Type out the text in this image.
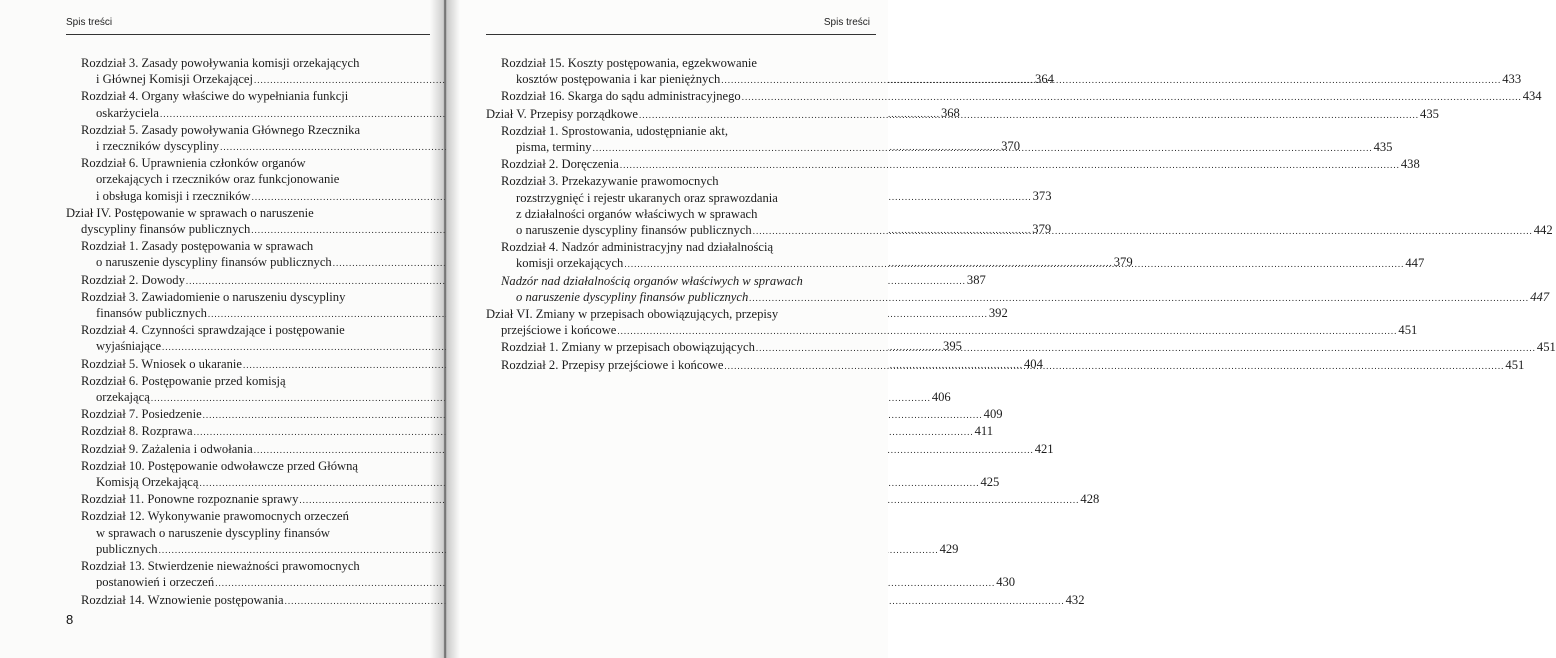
Spis treści
Rozdział 3. Zasady powoływania komisji orzekających
i Głównej Komisji Orzekającej .....	364
Rozdział 4. Organy właściwe do wypełniania funkcji
oskarżyciela .....	368
Rozdział 5. Zasady powoływania Głównego Rzecznika
i rzeczników dyscypliny .....	370
Rozdział 6. Uprawnienia członków organów
orzekających i rzeczników oraz funkcjonowanie
i obsługa komisji i rzeczników .....	373
Dział IV. Postępowanie w sprawach o naruszenie
dyscypliny finansów publicznych .....	379
Rozdział 1. Zasady postępowania w sprawach
o naruszenie dyscypliny finansów publicznych .....	379
Rozdział 2. Dowody .....	387
Rozdział 3. Zawiadomienie o naruszeniu dyscypliny
finansów publicznych .....	392
Rozdział 4. Czynności sprawdzające i postępowanie
wyjaśniające .....	395
Rozdział 5. Wniosek o ukaranie .....	404
Rozdział 6. Postępowanie przed komisją
orzekającą .....	406
Rozdział 7. Posiedzenie .....	409
Rozdział 8. Rozprawa .....	411
Rozdział 9. Zażalenia i odwołania .....	421
Rozdział 10. Postępowanie odwoławcze przed Główną
Komisją Orzekającą .....	425
Rozdział 11. Ponowne rozpoznanie sprawy .....	428
Rozdział 12. Wykonywanie prawomocnych orzeczeń
w sprawach o naruszenie dyscypliny finansów
publicznych .....	429
Rozdział 13. Stwierdzenie nieważności prawomocnych
postanowień i orzeczeń .....	430
Rozdział 14. Wznowienie postępowania .....	432
8
Spis treści
Rozdział 15. Koszty postępowania, egzekwowanie
kosztów postępowania i kar pieniężnych .....	433
Rozdział 16. Skarga do sądu administracyjnego .....	434
Dział V. Przepisy porządkowe .....	435
Rozdział 1. Sprostowania, udostępnianie akt,
pisma, terminy .....	435
Rozdział 2. Doręczenia .....	438
Rozdział 3. Przekazywanie prawomocnych
rozstrzygnięć i rejestr ukaranych oraz sprawozdania
z działalności organów właściwych w sprawach
o naruszenie dyscypliny finansów publicznych .....	442
Rozdział 4. Nadzór administracyjny nad działalnością
komisji orzekających .....	447
Nadzór nad działalnością organów właściwych w sprawach
o naruszenie dyscypliny finansów publicznych .....	447
Dział VI. Zmiany w przepisach obowiązujących, przepisy
przejściowe i końcowe .....	451
Rozdział 1. Zmiany w przepisach obowiązujących .....	451
Rozdział 2. Przepisy przejściowe i końcowe .....	451
